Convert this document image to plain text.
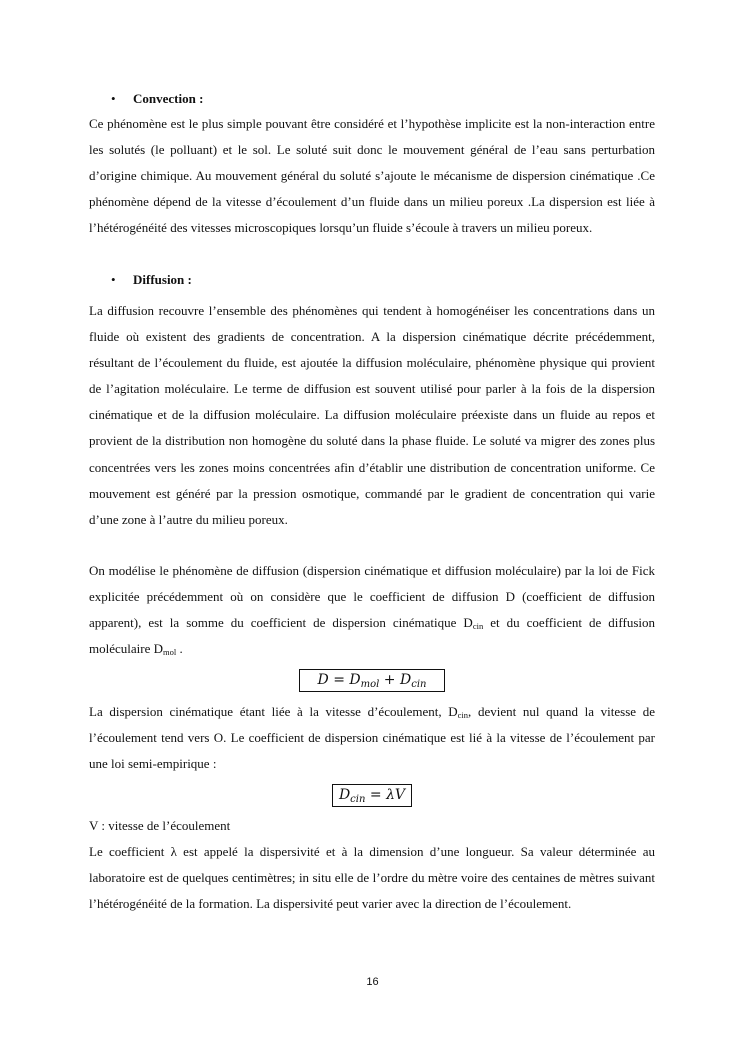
• Convection :
Ce phénomène est le plus simple pouvant être considéré et l’hypothèse implicite est la non-interaction entre les solutés (le polluant) et le sol. Le soluté suit donc le mouvement général de l’eau sans perturbation d’origine chimique. Au mouvement général du soluté s’ajoute le mécanisme de dispersion cinématique .Ce phénomène dépend de la vitesse d’écoulement d’un fluide dans un milieu poreux .La dispersion est liée à l’hétérogénéité des vitesses microscopiques lorsqu’un fluide s’écoule à travers un milieu poreux.
• Diffusion :
La diffusion recouvre l’ensemble des phénomènes qui tendent à homogénéiser les concentrations dans un fluide où existent des gradients de concentration. A la dispersion cinématique décrite précédemment, résultant de l’écoulement du fluide, est ajoutée la diffusion moléculaire, phénomène physique qui provient de l’agitation moléculaire. Le terme de diffusion est souvent utilisé pour parler à la fois de la dispersion cinématique et de la diffusion moléculaire. La diffusion moléculaire préexiste dans un fluide au repos et provient de la distribution non homogène du soluté dans la phase fluide. Le soluté va migrer des zones plus concentrées vers les zones moins concentrées afin d’établir une distribution de concentration uniforme. Ce mouvement est généré par la pression osmotique, commandé par le gradient de concentration qui varie d’une zone à l’autre du milieu poreux.
On modélise le phénomène de diffusion (dispersion cinématique et diffusion moléculaire) par la loi de Fick explicitée précédemment où on considère que le coefficient de diffusion D (coefficient de diffusion apparent), est la somme du coefficient de dispersion cinématique $D_{cin}$ et du coefficient de diffusion moléculaire $D_{mol}$ .
$D = D_{mol} + D_{cin}$
La dispersion cinématique étant liée à la vitesse d’écoulement, $D_{cin}$, devient nul quand la vitesse de l’écoulement tend vers O. Le coefficient de dispersion cinématique est lié à la vitesse de l’écoulement par une loi semi-empirique :
$D_{cin} = \lambda V$
V : vitesse de l’écoulement
Le coefficient λ est appelé la dispersivité et à la dimension d’une longueur. Sa valeur déterminée au laboratoire est de quelques centimètres; in situ elle de l’ordre du mètre voire des centaines de mètres suivant l’hétérogénéité de la formation. La dispersivité peut varier avec la direction de l’écoulement.
16
